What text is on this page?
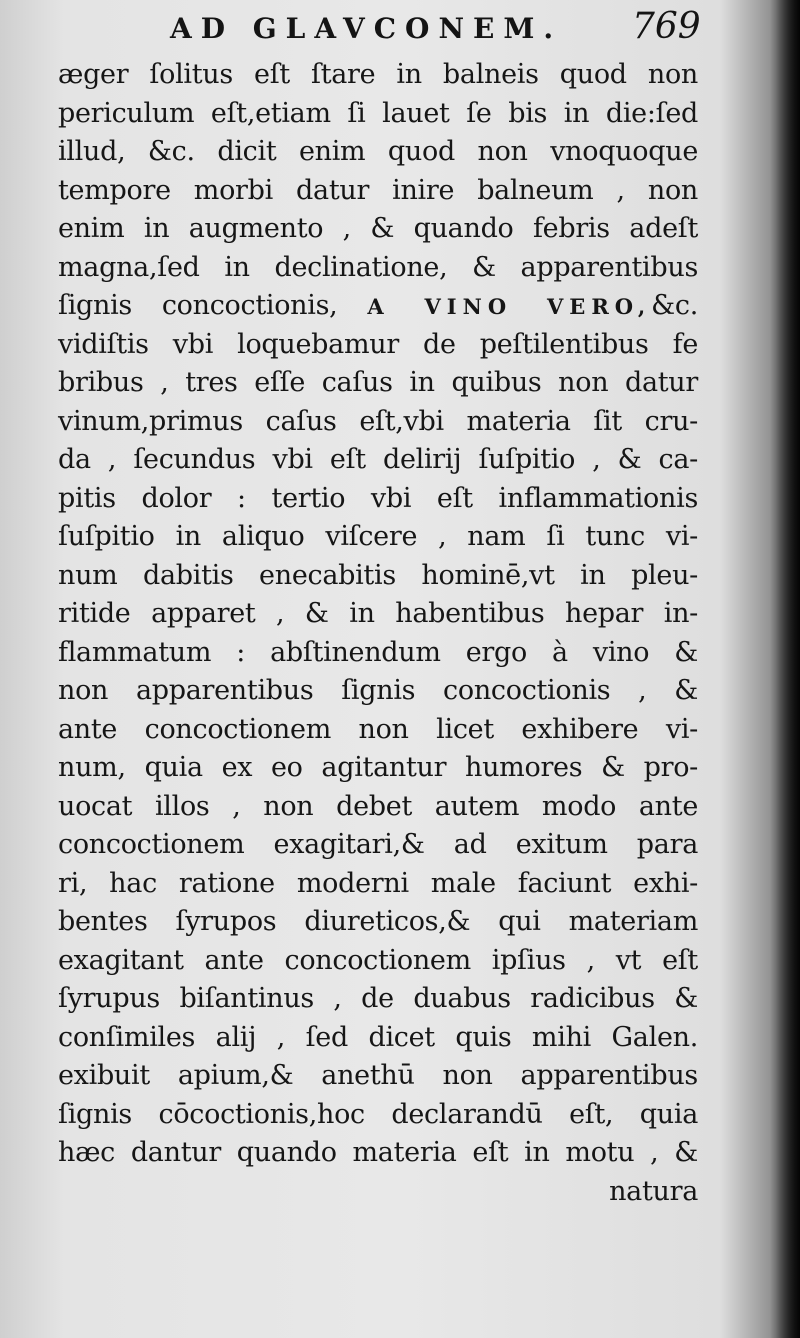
AD GLAVCONEM. 769
æger ſolitus eſt ſtare in balneis quod non
periculum eſt,etiam ſi lauet ſe bis in die:ſed
illud, &c. dicit enim quod non vnoquoque
tempore morbi datur inire balneum , non
enim in augmento , & quando febris adeſt
magna,ſed in declinatione, & apparentibus
ſignis concoctionis, A VINO VERO,&c.
vidiſtis vbi loquebamur de peſtilentibus fe
bribus , tres eſſe caſus in quibus non datur
vinum,primus caſus eſt,vbi materia ſit cru-
da , ſecundus vbi eſt delirij ſuſpitio , & ca-
pitis dolor : tertio vbi eſt inflammationis
ſuſpitio in aliquo viſcere , nam ſi tunc vi-
num dabitis enecabitis hominē,vt in pleu-
ritide apparet , & in habentibus hepar in-
flammatum : abſtinendum ergo à vino &
non apparentibus ſignis concoctionis , &
ante concoctionem non licet exhibere vi-
num, quia ex eo agitantur humores & pro-
uocat illos , non debet autem modo ante
concoctionem exagitari,& ad exitum para
ri, hac ratione moderni male faciunt exhi-
bentes ſyrupos diureticos,& qui materiam
exagitant ante concoctionem ipſius , vt eſt
ſyrupus biſantinus , de duabus radicibus &
conſimiles alij , ſed dicet quis mihi Galen.
exibuit apium,& anethū non apparentibus
ſignis cōcoctionis,hoc declarandū eſt, quia
hæc dantur quando materia eſt in motu , &
natura
